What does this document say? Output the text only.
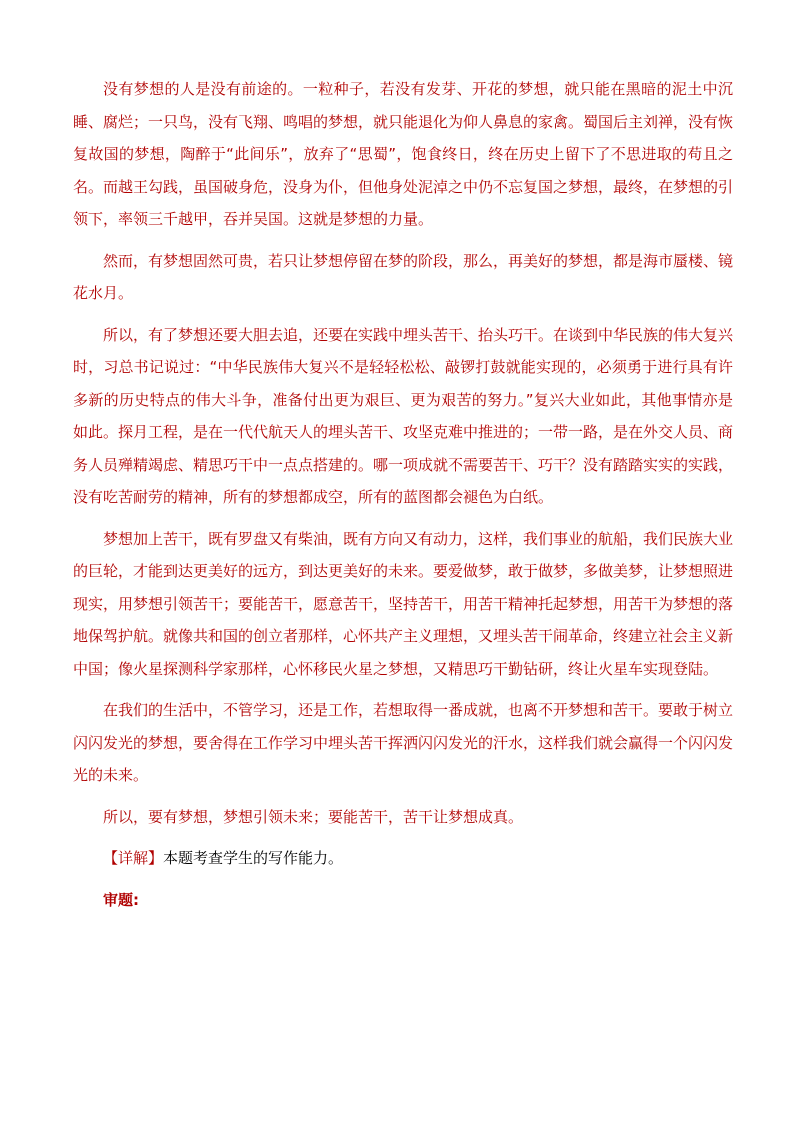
没有梦想的人是没有前途的。一粒种子，若没有发芽、开花的梦想，就只能在黑暗的泥土中沉睡、腐烂；一只鸟，没有飞翔、鸣唱的梦想，就只能退化为仰人鼻息的家禽。蜀国后主刘禅，没有恢复故国的梦想，陶醉于“此间乐”，放弃了“思蜀”，饱食终日，终在历史上留下了不思进取的苟且之名。而越王勾践，虽国破身危，没身为仆，但他身处泥淖之中仍不忘复国之梦想，最终，在梦想的引领下，率领三千越甲，吞并吴国。这就是梦想的力量。

然而，有梦想固然可贵，若只让梦想停留在梦的阶段，那么，再美好的梦想，都是海市蜃楼、镜花水月。

所以，有了梦想还要大胆去追，还要在实践中埋头苦干、抬头巧干。在谈到中华民族的伟大复兴时，习总书记说过：“中华民族伟大复兴不是轻轻松松、敲锣打鼓就能实现的，必须勇于进行具有许多新的历史特点的伟大斗争，准备付出更为艰巨、更为艰苦的努力。”复兴大业如此，其他事情亦是如此。探月工程，是在一代代航天人的埋头苦干、攻坚克难中推进的；一带一路，是在外交人员、商务人员殚精竭虑、精思巧干中一点点搭建的。哪一项成就不需要苦干、巧干？没有踏踏实实的实践，没有吃苦耐劳的精神，所有的梦想都成空，所有的蓝图都会褪色为白纸。

梦想加上苦干，既有罗盘又有柴油，既有方向又有动力，这样，我们事业的航船，我们民族大业的巨轮，才能到达更美好的远方，到达更美好的未来。要爱做梦，敢于做梦，多做美梦，让梦想照进现实，用梦想引领苦干；要能苦干，愿意苦干，坚持苦干，用苦干精神托起梦想，用苦干为梦想的落地保驾护航。就像共和国的创立者那样，心怀共产主义理想，又埋头苦干闹革命，终建立社会主义新中国；像火星探测科学家那样，心怀移民火星之梦想，又精思巧干勤钻研，终让火星车实现登陆。

在我们的生活中，不管学习，还是工作，若想取得一番成就，也离不开梦想和苦干。要敢于树立闪闪发光的梦想，要舍得在工作学习中埋头苦干挥洒闪闪发光的汗水，这样我们就会赢得一个闪闪发光的未来。

所以，要有梦想，梦想引领未来；要能苦干，苦干让梦想成真。

【详解】本题考查学生的写作能力。

审题:
